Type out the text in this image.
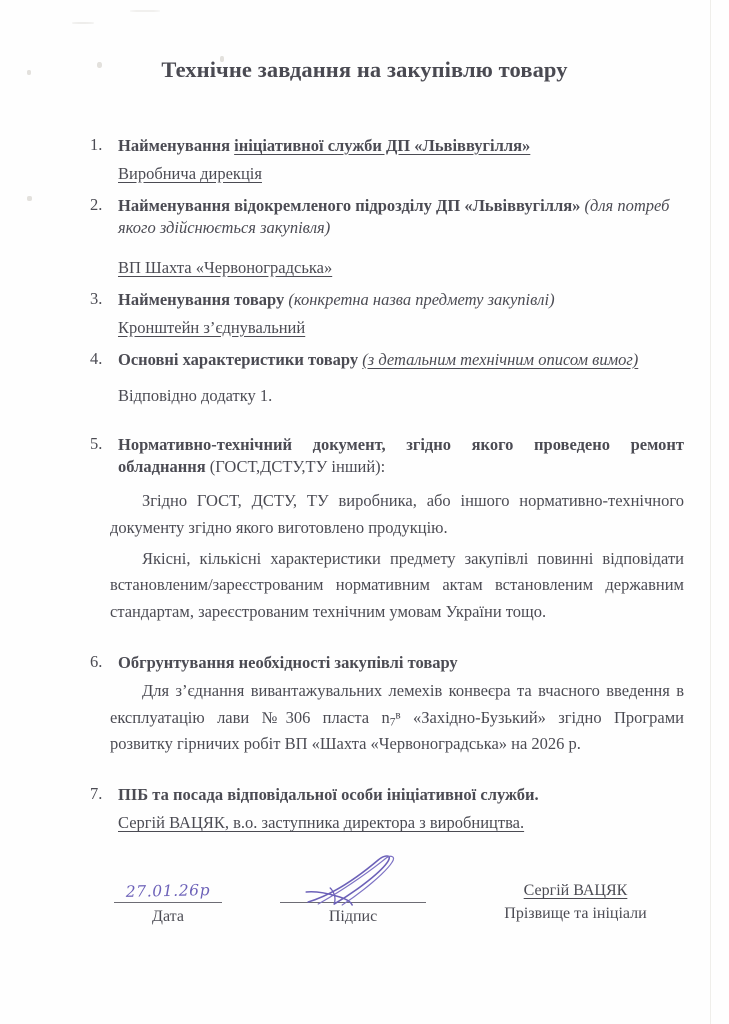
Технічне завдання на закупівлю товару
1. Найменування ініціативної служби ДП «Львіввугілля»
Виробнича дирекція
2. Найменування відокремленого підрозділу ДП «Львіввугілля» (для потреб якого здійснюється закупівля)
ВП Шахта «Червоноградська»
3. Найменування товару (конкретна назва предмету закупівлі)
Кронштейн з’єднувальний
4. Основні характеристики товару (з детальним технічним описом вимог)
Відповідно додатку 1.
5. Нормативно-технічний документ, згідно якого проведено ремонт обладнання (ГОСТ,ДСТУ,ТУ інший):
Згідно ГОСТ, ДСТУ, ТУ виробника, або іншого нормативно-технічного документу згідно якого виготовлено продукцію.
Якісні, кількісні характеристики предмету закупівлі повинні відповідати встановленим/зареєстрованим нормативним актам встановленим державним стандартам, зареєстрованим технічним умовам України тощо.
6. Обгрунтування необхідності закупівлі товару
Для з’єднання вивантажувальних лемехів конвеєра та вчасного введення в експлуатацію лави №306 пласта $n_7^в$ «Західно-Бузький» згідно Програми розвитку гірничих робіт ВП «Шахта «Червоноградська» на 2026 р.
7. ПІБ та посада відповідальної особи ініціативної служби.
Сергій ВАЦЯК, в.о. заступника директора з виробництва.
27.01.26р
Дата	Підпис
Сергій ВАЦЯК
Прізвище та ініціали
